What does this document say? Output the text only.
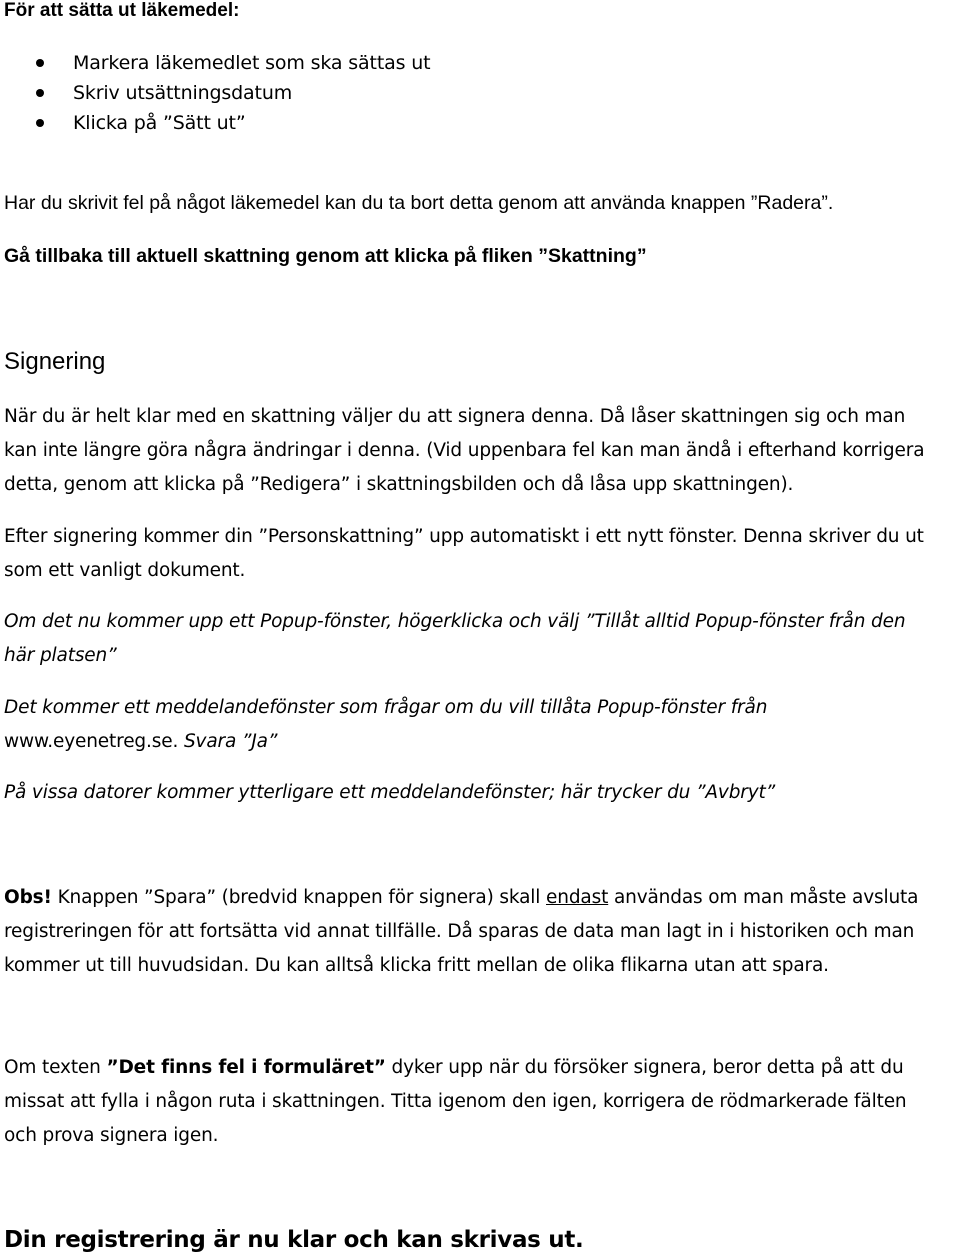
För att sätta ut läkemedel:
Markera läkemedlet som ska sättas ut
Skriv utsättningsdatum
Klicka på ”Sätt ut”
Har du skrivit fel på något läkemedel kan du ta bort detta genom att använda knappen ”Radera”.
Gå tillbaka till aktuell skattning genom att klicka på fliken ”Skattning”
Signering
När du är helt klar med en skattning väljer du att signera denna. Då låser skattningen sig och man
kan inte längre göra några ändringar i denna. (Vid uppenbara fel kan man ändå i efterhand korrigera
detta, genom att klicka på ”Redigera” i skattningsbilden och då låsa upp skattningen).
Efter signering kommer din ”Personskattning” upp automatiskt i ett nytt fönster. Denna skriver du ut
som ett vanligt dokument.
Om det nu kommer upp ett Popup-fönster, högerklicka och välj ”Tillåt alltid Popup-fönster från den
här platsen”
Det kommer ett meddelandefönster som frågar om du vill tillåta Popup-fönster från
www.eyenetreg.se. Svara ”Ja”
På vissa datorer kommer ytterligare ett meddelandefönster; här trycker du ”Avbryt”
Obs! Knappen ”Spara” (bredvid knappen för signera) skall endast användas om man måste avsluta
registreringen för att fortsätta vid annat tillfälle. Då sparas de data man lagt in i historiken och man
kommer ut till huvudsidan. Du kan alltså klicka fritt mellan de olika flikarna utan att spara.
Om texten ”Det finns fel i formuläret” dyker upp när du försöker signera, beror detta på att du
missat att fylla i någon ruta i skattningen. Titta igenom den igen, korrigera de rödmarkerade fälten
och prova signera igen.
Din registrering är nu klar och kan skrivas ut.
